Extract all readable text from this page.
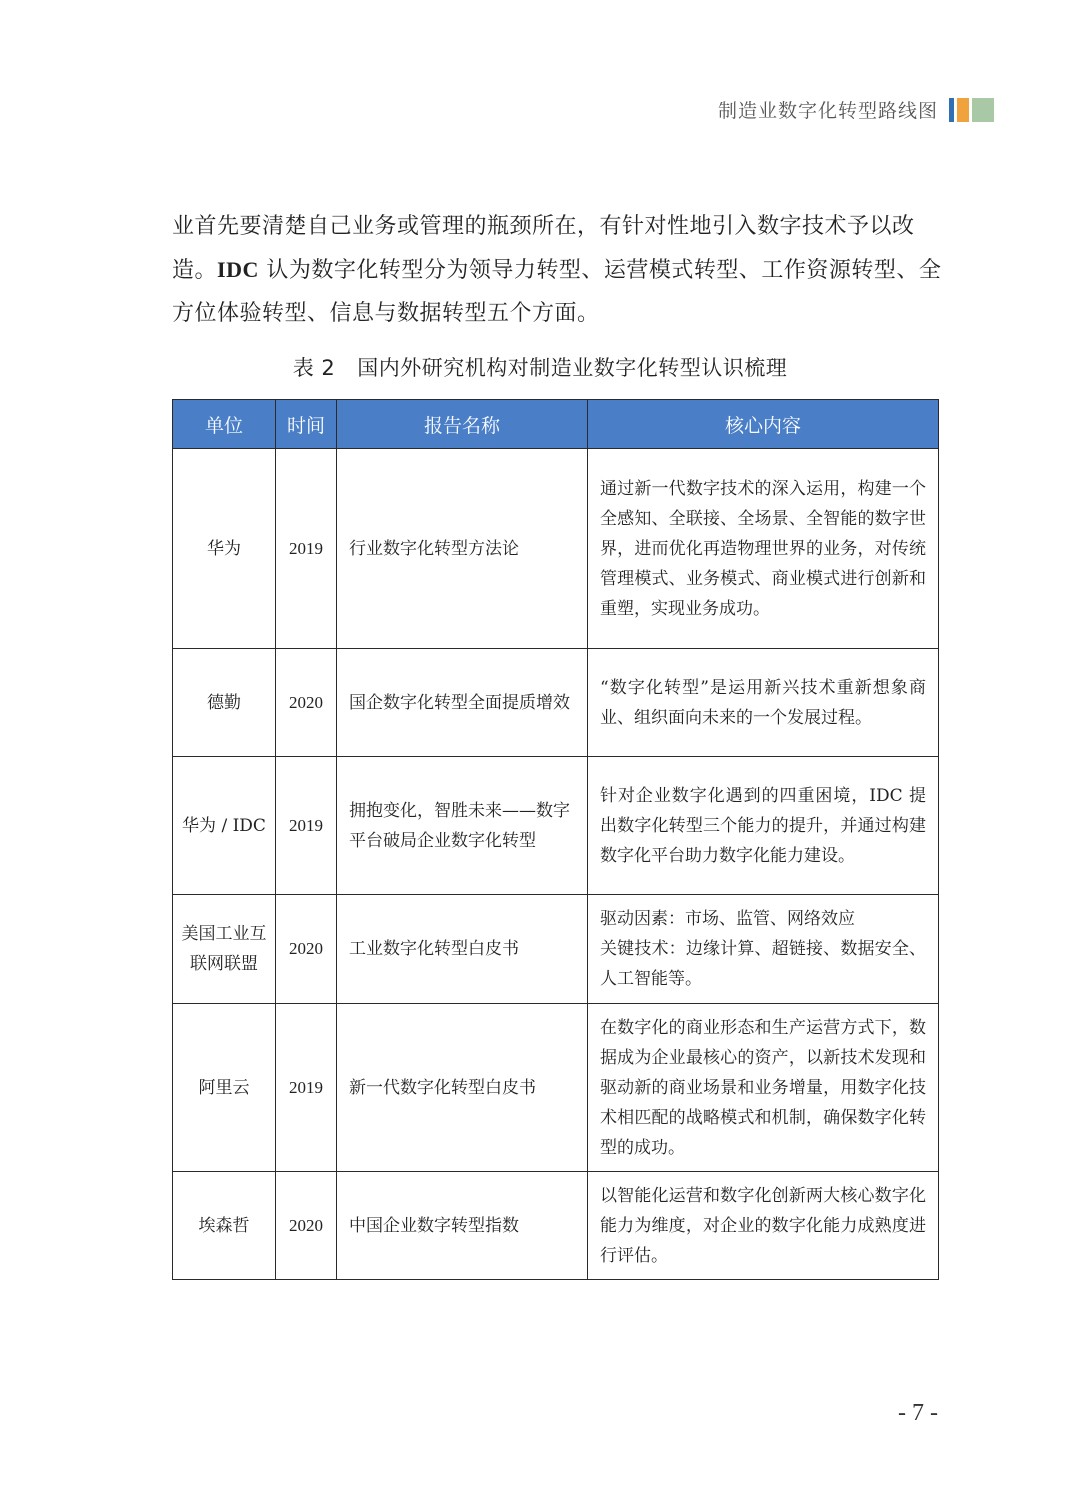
制造业数字化转型路线图
业首先要清楚自己业务或管理的瓶颈所在，有针对性地引入数字技术予以改造。IDC 认为数字化转型分为领导力转型、运营模式转型、工作资源转型、全方位体验转型、信息与数据转型五个方面。
表 2 国内外研究机构对制造业数字化转型认识梳理
单位	时间	报告名称	核心内容
华为	2019	行业数字化转型方法论	通过新一代数字技术的深入运用，构建一个全感知、全联接、全场景、全智能的数字世界，进而优化再造物理世界的业务，对传统管理模式、业务模式、商业模式进行创新和重塑，实现业务成功。
德勤	2020	国企数字化转型全面提质增效	“数字化转型”是运用新兴技术重新想象商业、组织面向未来的一个发展过程。
华为 / IDC	2019	拥抱变化，智胜未来——数字平台破局企业数字化转型	针对企业数字化遇到的四重困境，IDC 提出数字化转型三个能力的提升，并通过构建数字化平台助力数字化能力建设。
美国工业互联网联盟	2020	工业数字化转型白皮书	驱动因素：市场、监管、网络效应
关键技术：边缘计算、超链接、数据安全、人工智能等。
阿里云	2019	新一代数字化转型白皮书	在数字化的商业形态和生产运营方式下，数据成为企业最核心的资产，以新技术发现和驱动新的商业场景和业务增量，用数字化技术相匹配的战略模式和机制，确保数字化转型的成功。
埃森哲	2020	中国企业数字转型指数	以智能化运营和数字化创新两大核心数字化能力为维度，对企业的数字化能力成熟度进行评估。
- 7 -
